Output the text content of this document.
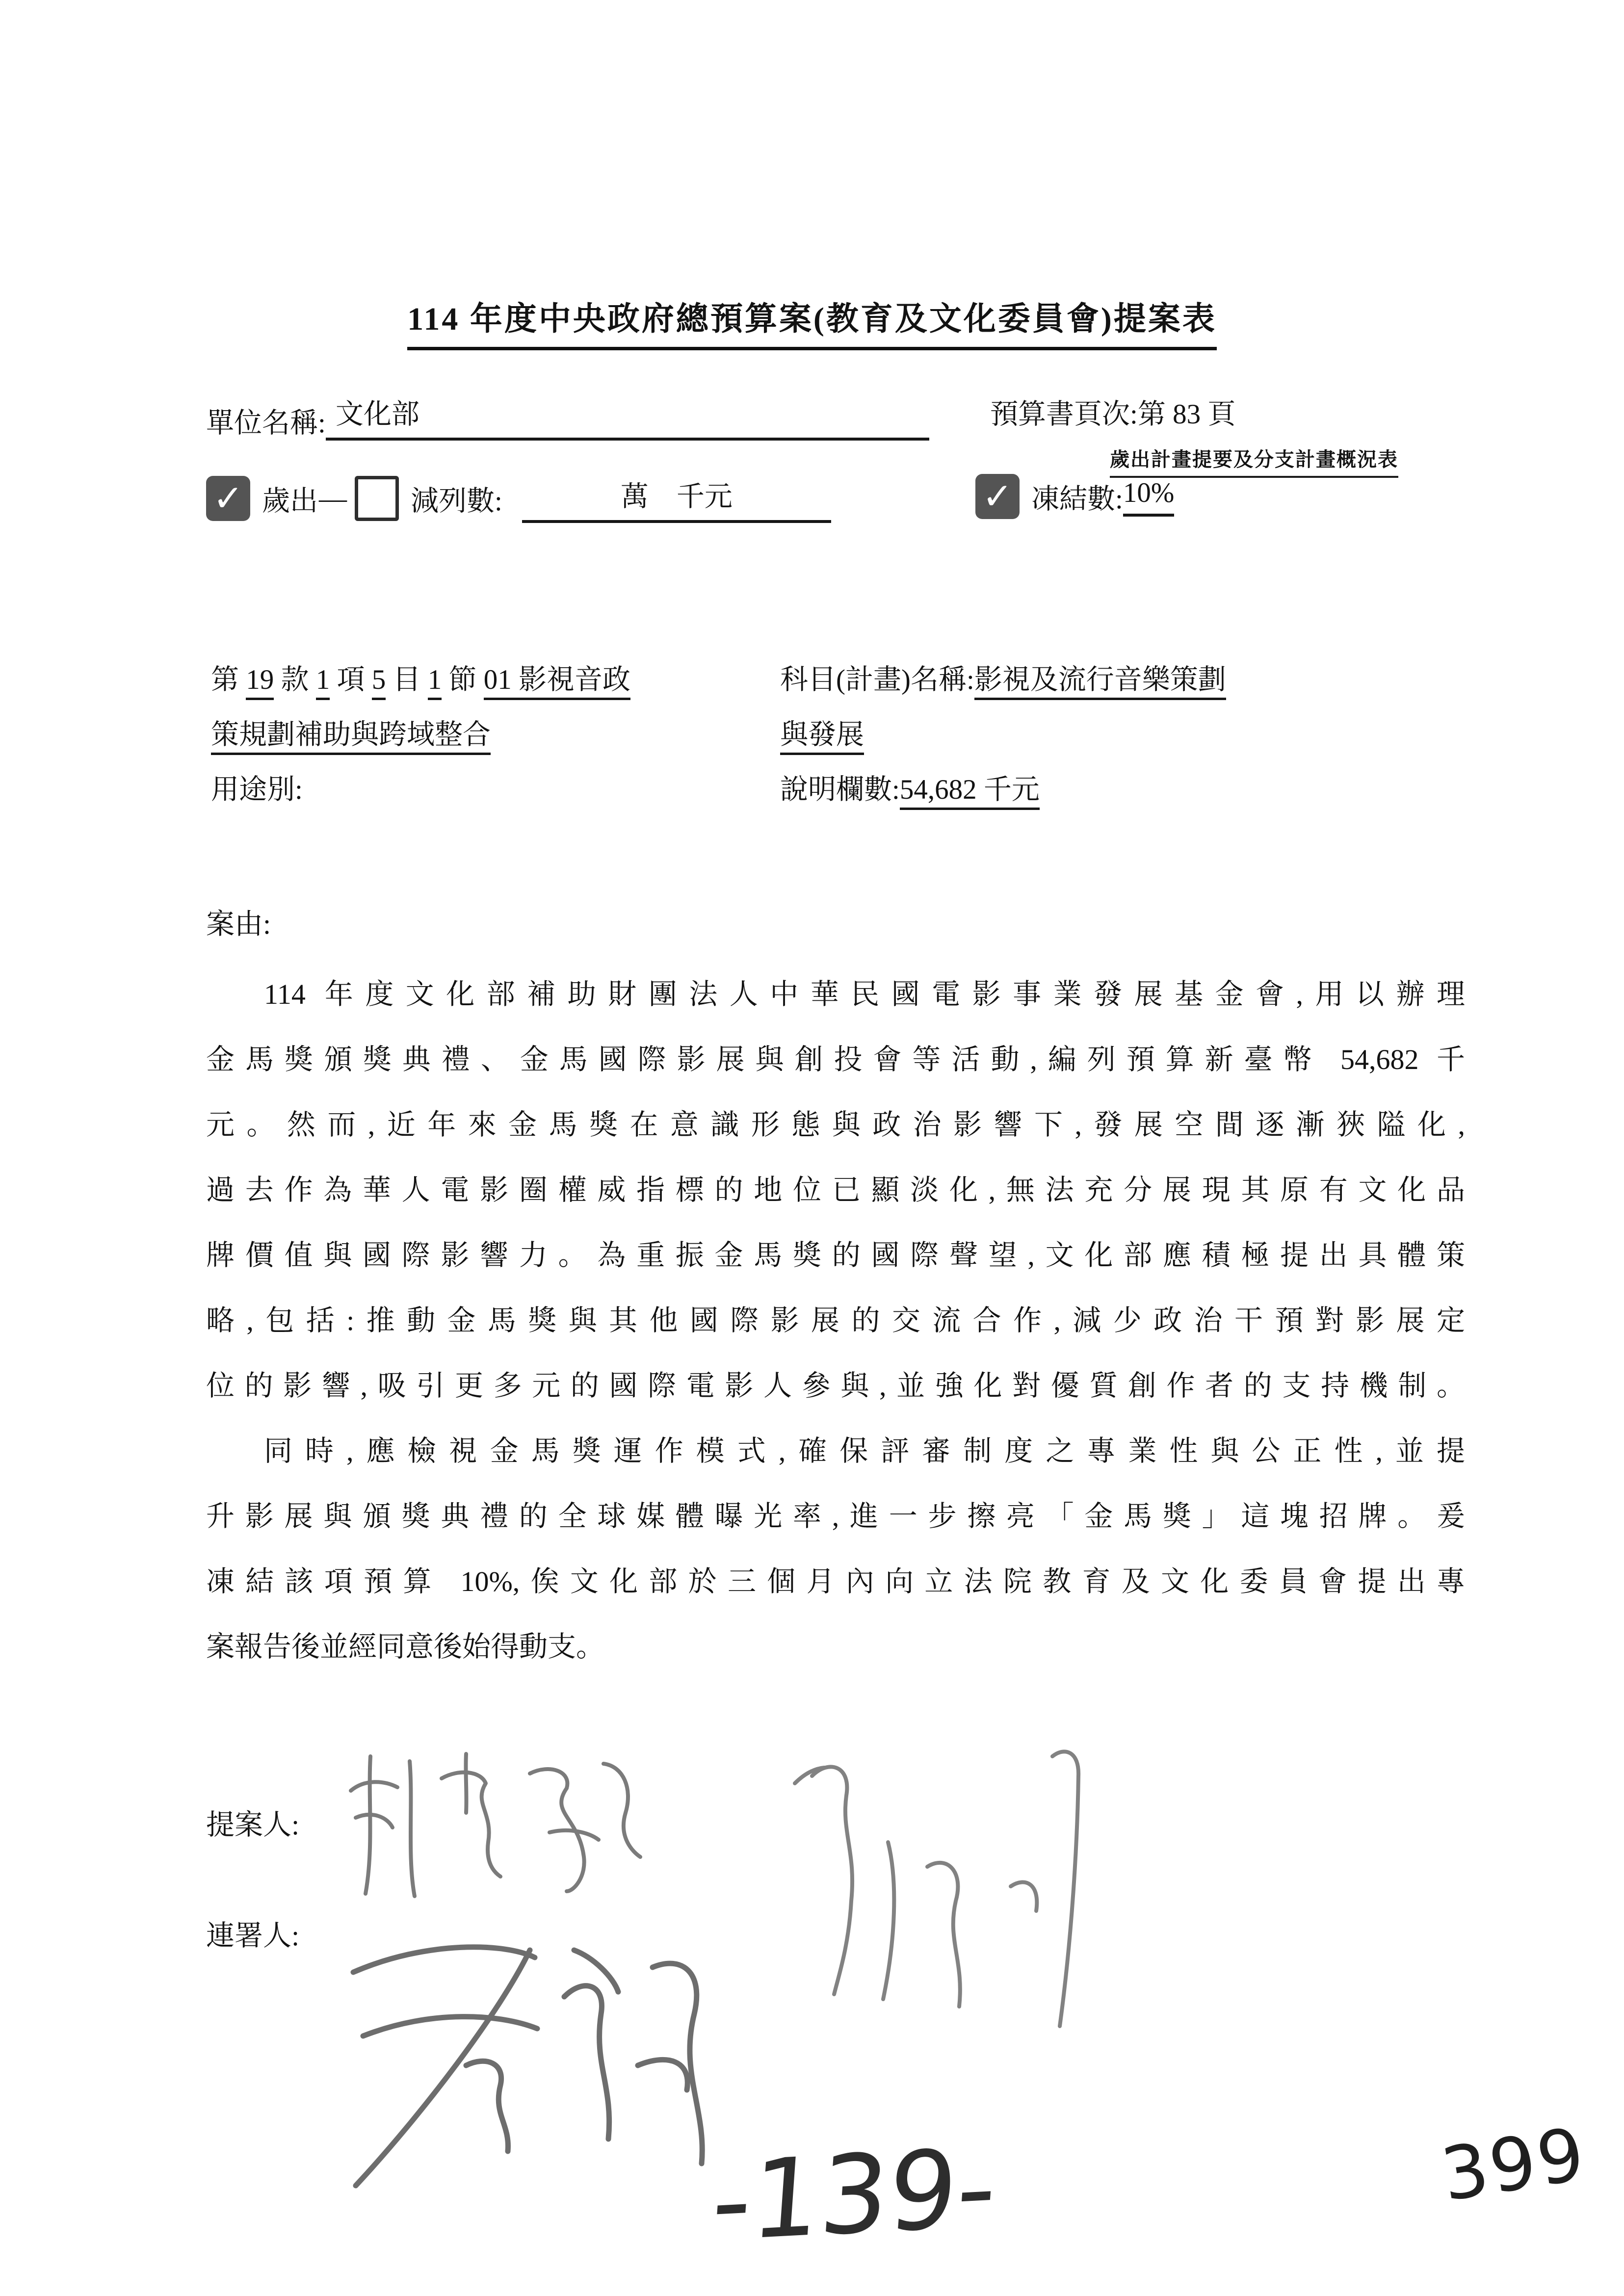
114 年度中央政府總預算案(教育及文化委員會)提案表
單位名稱: 文化部	預算書頁次:第 83 頁
歲出計畫提要及分支計畫概況表
✓ 歲出 — 減列數:	萬　千元	✓ 凍結數: 10%
第 19 款 1 項 5 目 1 節 01 影視音政
策規劃補助與跨域整合
用途別:
科目(計畫)名稱:影視及流行音樂策劃
與發展
說明欄數:54,682 千元
案由:
114 年度文化部補助財團法人中華民國電影事業發展基金會,用以辦理
金馬獎頒獎典禮、金馬國際影展與創投會等活動,編列預算新臺幣 54,682 千
元。然而,近年來金馬獎在意識形態與政治影響下,發展空間逐漸狹隘化,
過去作為華人電影圈權威指標的地位已顯淡化,無法充分展現其原有文化品
牌價值與國際影響力。為重振金馬獎的國際聲望,文化部應積極提出具體策
略,包括:推動金馬獎與其他國際影展的交流合作,減少政治干預對影展定
位的影響,吸引更多元的國際電影人參與,並強化對優質創作者的支持機制。
同時,應檢視金馬獎運作模式,確保評審制度之專業性與公正性,並提
升影展與頒獎典禮的全球媒體曝光率,進一步擦亮「金馬獎」這塊招牌。爰
凍結該項預算 10%,俟文化部於三個月內向立法院教育及文化委員會提出專
案報告後並經同意後始得動支。
提案人:
連署人:
-139-	399
